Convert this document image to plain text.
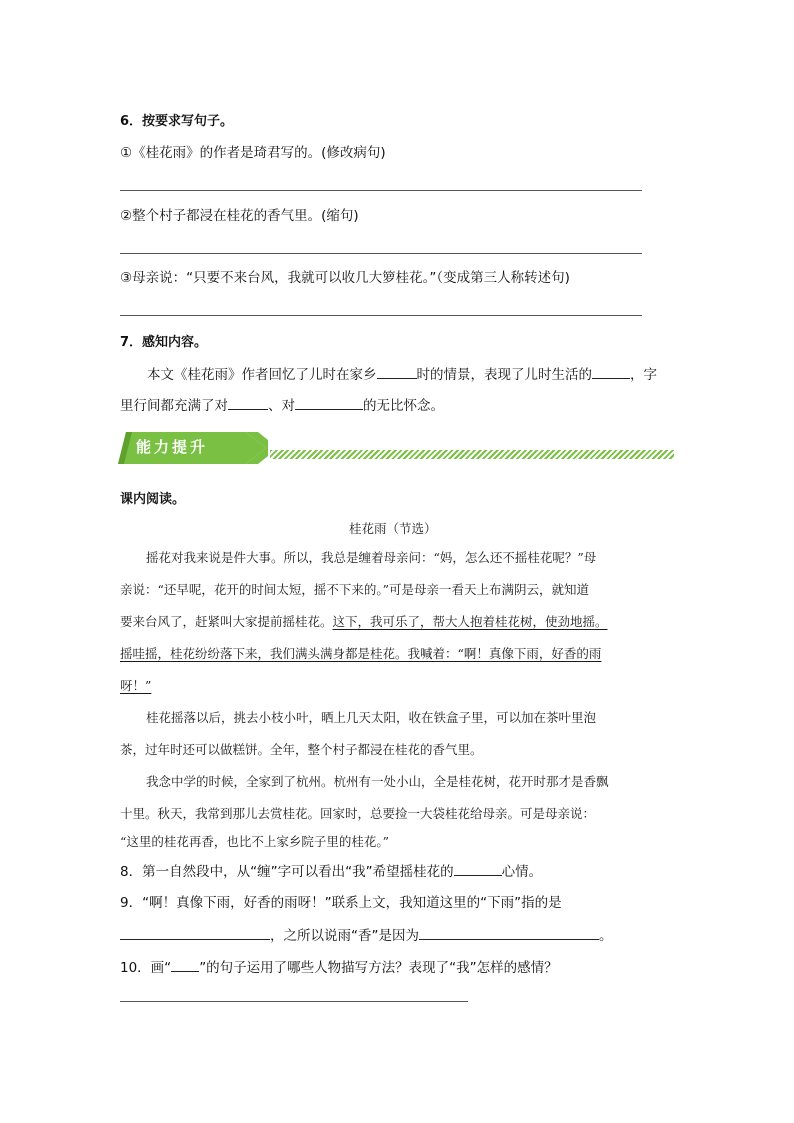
6．按要求写句子。
①《桂花雨》的作者是琦君写的。(修改病句)
②整个村子都浸在桂花的香气里。(缩句)
③母亲说：“只要不来台风，我就可以收几大箩桂花。”（变成第三人称转述句)
7．感知内容。
本文《桂花雨》作者回忆了儿时在家乡	时的情景，表现了儿时生活的	，字
里行间都充满了对	、对	的无比怀念。
能力提升
课内阅读。
桂花雨（节选）
摇花对我来说是件大事。所以，我总是缠着母亲问：“妈，怎么还不摇桂花呢？”母
亲说：“还早呢，花开的时间太短，摇不下来的。”可是母亲一看天上布满阴云，就知道
要来台风了，赶紧叫大家提前摇桂花。这下，我可乐了，帮大人抱着桂花树，使劲地摇。
摇哇摇，桂花纷纷落下来，我们满头满身都是桂花。我喊着：“啊！真像下雨，好香的雨
呀！”
桂花摇落以后，挑去小枝小叶，晒上几天太阳，收在铁盒子里，可以加在茶叶里泡
茶，过年时还可以做糕饼。全年，整个村子都浸在桂花的香气里。
我念中学的时候，全家到了杭州。杭州有一处小山，全是桂花树，花开时那才是香飘
十里。秋天，我常到那儿去赏桂花。回家时，总要捡一大袋桂花给母亲。可是母亲说：
“这里的桂花再香，也比不上家乡院子里的桂花。”
8．第一自然段中，从“缠”字可以看出“我”希望摇桂花的	心情。
9．“啊！真像下雨，好香的雨呀！”联系上文，我知道这里的“下雨”指的是
，之所以说雨“香”是因为	。
10．画“ ”的句子运用了哪些人物描写方法？表现了“我”怎样的感情？
